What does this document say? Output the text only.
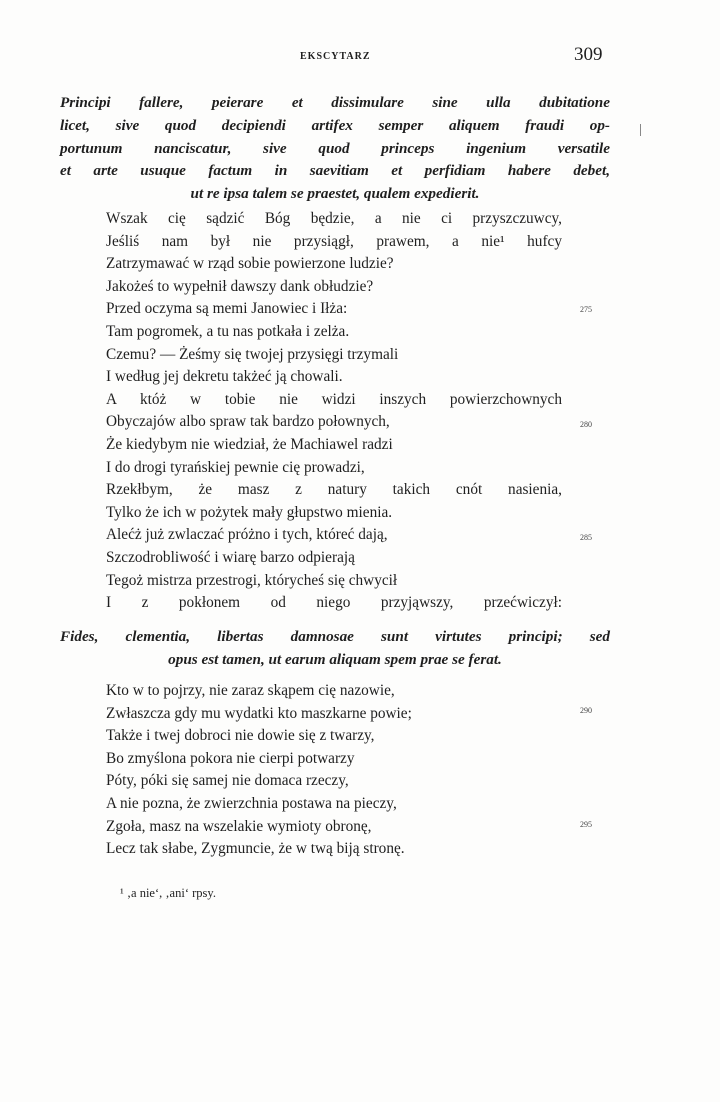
EKSCYTARZ	309
Principi fallere, peierare et dissimulare sine ulla dubitatione
licet, sive quod decipiendi artifex semper aliquem fraudi op-
portunum nanciscatur, sive quod princeps ingenium versatile
et arte usuque factum in saevitiam et perfidiam habere debet,
ut re ipsa talem se praestet, qualem expedierit.
Wszak cię sądzić Bóg będzie, a nie ci przyszczuwcy,
Jeśliś nam był nie przysiągł, prawem, a nie¹ hufcy
Zatrzymawać w rząd sobie powierzone ludzie?
Jakożeś to wypełnił dawszy dank obłudzie?
Przed oczyma są memi Janowiec i Iłża:
Tam pogromek, a tu nas potkała i zelża.
Czemu? — Żeśmy się twojej przysięgi trzymali
I według jej dekretu takżeć ją chowali.
A któż w tobie nie widzi inszych powierzchownych
Obyczajów albo spraw tak bardzo połownych,
Że kiedybym nie wiedział, że Machiawel radzi
I do drogi tyrańskiej pewnie cię prowadzi,
Rzekłbym, że masz z natury takich cnót nasienia,
Tylko że ich w pożytek mały głupstwo mienia.
Alećż już zwlaczać próżno i tych, któreć dają,
Szczodrobliwość i wiarę barzo odpierają
Tegoż mistrza przestrogi, którycheś się chwycił
I z pokłonem od niego przyjąwszy, przećwiczył:
Fides, clementia, libertas damnosae sunt virtutes principi; sed
opus est tamen, ut earum aliquam spem prae se ferat.
Kto w to pojrzy, nie zaraz skąpem cię nazowie,
Zwłaszcza gdy mu wydatki kto maszkarne powie;
Także i twej dobroci nie dowie się z twarzy,
Bo zmyślona pokora nie cierpi potwarzy
Póty, póki się samej nie domaca rzeczy,
A nie pozna, że zwierzchnia postawa na pieczy,
Zgoła, masz na wszelakie wymioty obronę,
Lecz tak słabe, Zygmuncie, że w twą biją stronę.
275
280
285
290
295
¹ ‚a nie‘, ‚ani‘ rpsy.
